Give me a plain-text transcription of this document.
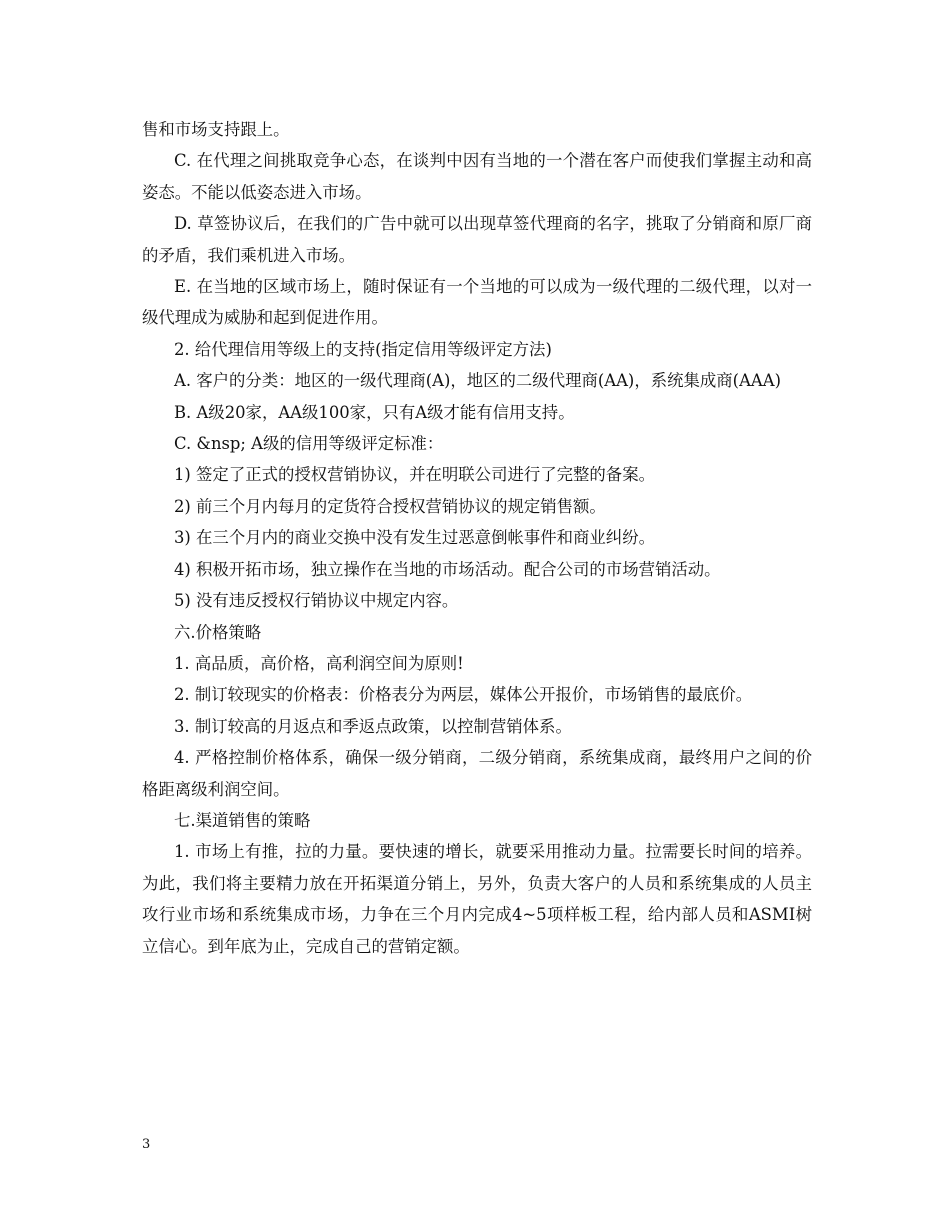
售和市场支持跟上。

C. 在代理之间挑取竞争心态，在谈判中因有当地的一个潜在客户而使我们掌握主动和高姿态。不能以低姿态进入市场。

D. 草签协议后，在我们的广告中就可以出现草签代理商的名字，挑取了分销商和原厂商的矛盾，我们乘机进入市场。

E. 在当地的区域市场上，随时保证有一个当地的可以成为一级代理的二级代理，以对一级代理成为威胁和起到促进作用。

2. 给代理信用等级上的支持(指定信用等级评定方法)

A. 客户的分类：地区的一级代理商(A)，地区的二级代理商(AA)，系统集成商(AAA)

B. A级20家，AA级100家，只有A级才能有信用支持。

C. &nsp; A级的信用等级评定标准：

1) 签定了正式的授权营销协议，并在明联公司进行了完整的备案。

2) 前三个月内每月的定货符合授权营销协议的规定销售额。

3) 在三个月内的商业交换中没有发生过恶意倒帐事件和商业纠纷。

4) 积极开拓市场，独立操作在当地的市场活动。配合公司的市场营销活动。

5) 没有违反授权行销协议中规定内容。

六.价格策略

1. 高品质，高价格，高利润空间为原则!

2. 制订较现实的价格表：价格表分为两层，媒体公开报价，市场销售的最底价。

3. 制订较高的月返点和季返点政策，以控制营销体系。

4. 严格控制价格体系，确保一级分销商，二级分销商，系统集成商，最终用户之间的价格距离级利润空间。

七.渠道销售的策略

1. 市场上有推，拉的力量。要快速的增长，就要采用推动力量。拉需要长时间的培养。为此，我们将主要精力放在开拓渠道分销上，另外，负责大客户的人员和系统集成的人员主攻行业市场和系统集成市场，力争在三个月内完成4~5项样板工程，给内部人员和ASMI树立信心。到年底为止，完成自己的营销定额。

3
